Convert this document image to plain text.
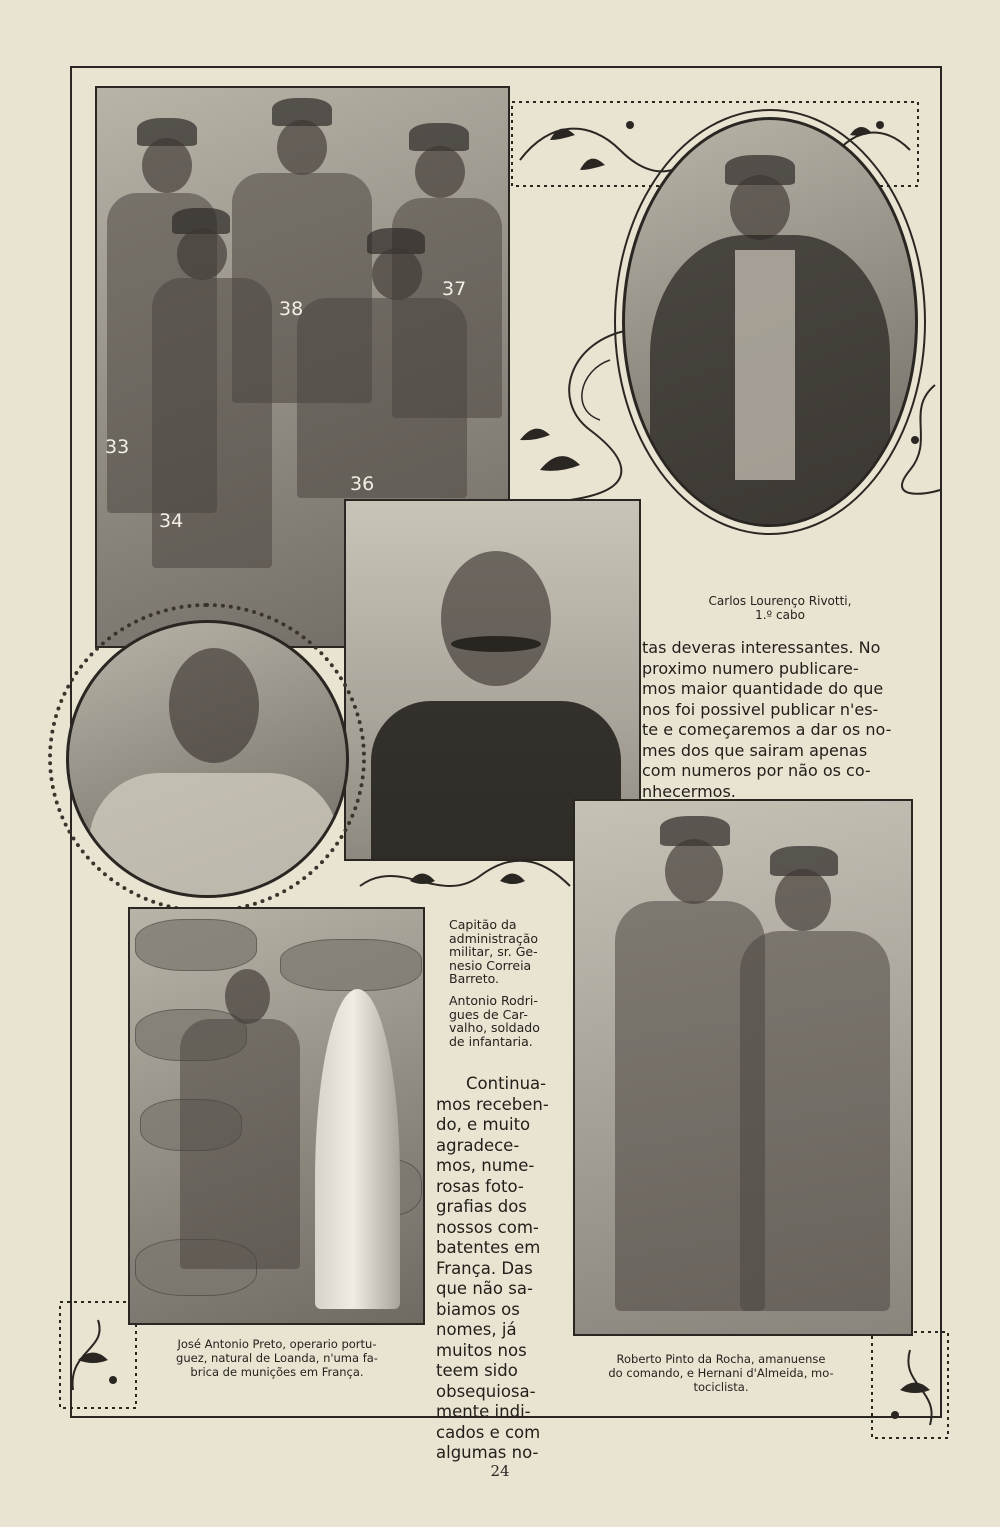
33
34
38
36
37
Carlos Lourenço Rivotti,
1.º cabo
Capitão da
administração
militar, sr. Ge-
nesio Correia
Barreto.
Antonio Rodri-
gues de Car-
valho, soldado
de infantaria.
José Antonio Preto, operario portu-
guez, natural de Loanda, n'uma fa-
brica de munições em França.
Roberto Pinto da Rocha, amanuense
do comando, e Hernani d'Almeida, mo-
tociclista.
Continua-
mos receben-
do, e muito
agradece-
mos, nume-
rosas foto-
grafias dos
nossos com-
batentes em
França. Das
que não sa-
biamos os
nomes, já
muitos nos
teem sido
obsequiosa-
mente indi-
cados e com
algumas no-
tas deveras interessantes. No
proximo numero publicare-
mos maior quantidade do que
nos foi possivel publicar n'es-
te e começaremos a dar os no-
mes dos que sairam apenas
com numeros por não os co-
nhecermos.
24
